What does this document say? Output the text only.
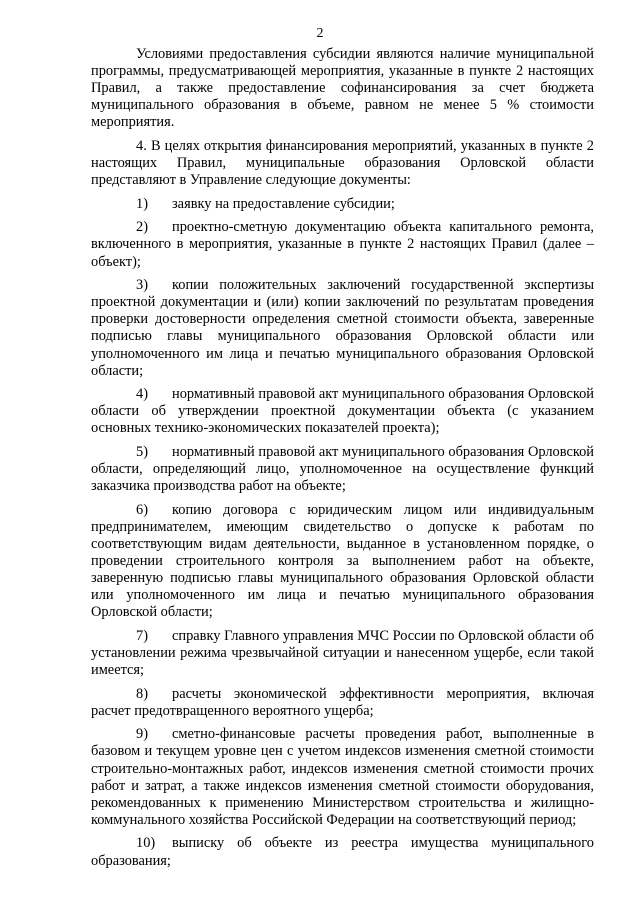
2

Условиями предоставления субсидии являются наличие муниципальной программы, предусматривающей мероприятия, указанные в пункте 2 настоящих Правил, а также предоставление софинансирования за счет бюджета муниципального образования в объеме, равном не менее 5 % стоимости мероприятия.

4. В целях открытия финансирования мероприятий, указанных в пункте 2 настоящих Правил, муниципальные образования Орловской области представляют в Управление следующие документы:

1) заявку на предоставление субсидии;

2) проектно-сметную документацию объекта капитального ремонта, включенного в мероприятия, указанные в пункте 2 настоящих Правил (далее – объект);

3) копии положительных заключений государственной экспертизы проектной документации и (или) копии заключений по результатам проведения проверки достоверности определения сметной стоимости объекта, заверенные подписью главы муниципального образования Орловской области или уполномоченного им лица и печатью муниципального образования Орловской области;

4) нормативный правовой акт муниципального образования Орловской области об утверждении проектной документации объекта (с указанием основных технико-экономических показателей проекта);

5) нормативный правовой акт муниципального образования Орловской области, определяющий лицо, уполномоченное на осуществление функций заказчика производства работ на объекте;

6) копию договора с юридическим лицом или индивидуальным предпринимателем, имеющим свидетельство о допуске к работам по соответствующим видам деятельности, выданное в установленном порядке, о проведении строительного контроля за выполнением работ на объекте, заверенную подписью главы муниципального образования Орловской области или уполномоченного им лица и печатью муниципального образования Орловской области;

7) справку Главного управления МЧС России по Орловской области об установлении режима чрезвычайной ситуации и нанесенном ущербе, если такой имеется;

8) расчеты экономической эффективности мероприятия, включая расчет предотвращенного вероятного ущерба;

9) сметно-финансовые расчеты проведения работ, выполненные в базовом и текущем уровне цен с учетом индексов изменения сметной стоимости строительно-монтажных работ, индексов изменения сметной стоимости прочих работ и затрат, а также индексов изменения сметной стоимости оборудования, рекомендованных к применению Министерством строительства и жилищно-коммунального хозяйства Российской Федерации на соответствующий период;

10) выписку об объекте из реестра имущества муниципального образования;
